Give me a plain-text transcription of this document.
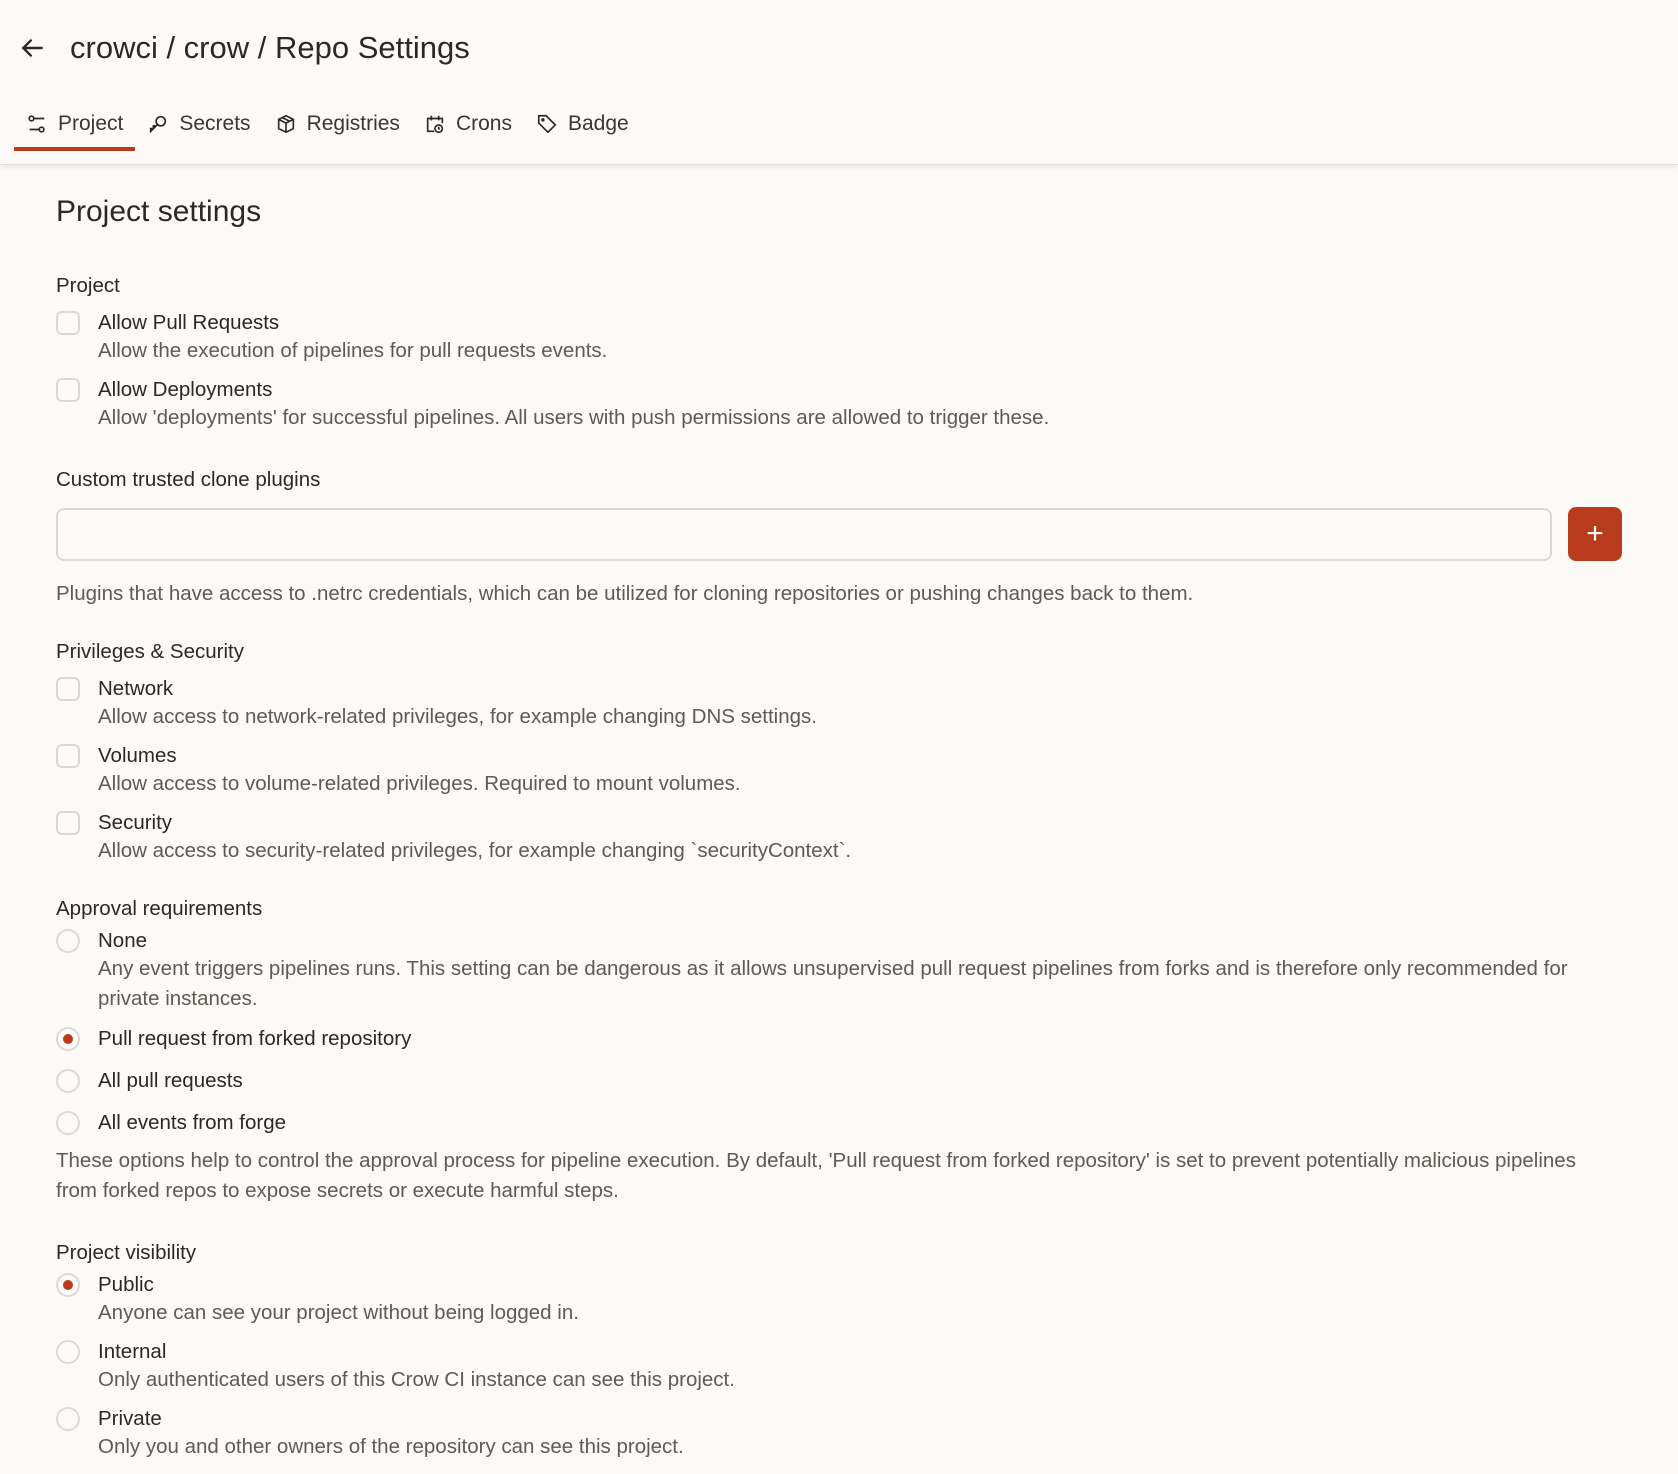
crowci / crow / Repo Settings
Project	Secrets	Registries	Crons	Badge
Project settings
Project
Allow Pull Requests
Allow the execution of pipelines for pull requests events.
Allow Deployments
Allow 'deployments' for successful pipelines. All users with push permissions are allowed to trigger these.
Custom trusted clone plugins
+
Plugins that have access to .netrc credentials, which can be utilized for cloning repositories or pushing changes back to them.
Privileges & Security
Network
Allow access to network-related privileges, for example changing DNS settings.
Volumes
Allow access to volume-related privileges. Required to mount volumes.
Security
Allow access to security-related privileges, for example changing `securityContext`.
Approval requirements
None
Any event triggers pipelines runs. This setting can be dangerous as it allows unsupervised pull request pipelines from forks and is therefore only recommended for private instances.
Pull request from forked repository
All pull requests
All events from forge
These options help to control the approval process for pipeline execution. By default, 'Pull request from forked repository' is set to prevent potentially malicious pipelines from forked repos to expose secrets or execute harmful steps.
Project visibility
Public
Anyone can see your project without being logged in.
Internal
Only authenticated users of this Crow CI instance can see this project.
Private
Only you and other owners of the repository can see this project.
